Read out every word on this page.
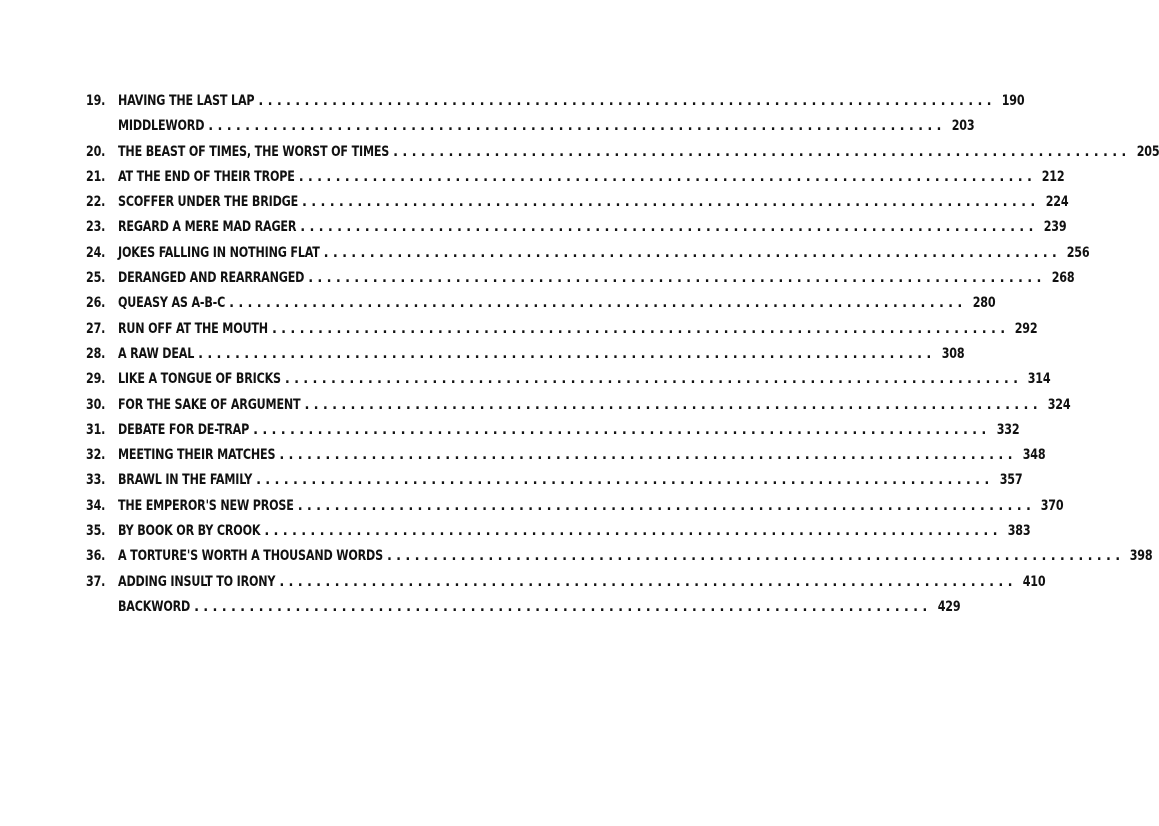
19. HAVING THE LAST LAP ................................................................................ 190
MIDDLEWORD ................................................................................ 203
20. THE BEAST OF TIMES, THE WORST OF TIMES ................................................................................ 205
21. AT THE END OF THEIR TROPE ................................................................................ 212
22. SCOFFER UNDER THE BRIDGE ................................................................................ 224
23. REGARD A MERE MAD RAGER ................................................................................ 239
24. JOKES FALLING IN NOTHING FLAT ................................................................................ 256
25. DERANGED AND REARRANGED ................................................................................ 268
26. QUEASY AS A-B-C ................................................................................ 280
27. RUN OFF AT THE MOUTH ................................................................................ 292
28. A RAW DEAL ................................................................................ 308
29. LIKE A TONGUE OF BRICKS ................................................................................ 314
30. FOR THE SAKE OF ARGUMENT ................................................................................ 324
31. DEBATE FOR DE-TRAP ................................................................................ 332
32. MEETING THEIR MATCHES ................................................................................ 348
33. BRAWL IN THE FAMILY ................................................................................ 357
34. THE EMPEROR'S NEW PROSE ................................................................................ 370
35. BY BOOK OR BY CROOK ................................................................................ 383
36. A TORTURE'S WORTH A THOUSAND WORDS ................................................................................ 398
37. ADDING INSULT TO IRONY ................................................................................ 410
BACKWORD ................................................................................ 429
